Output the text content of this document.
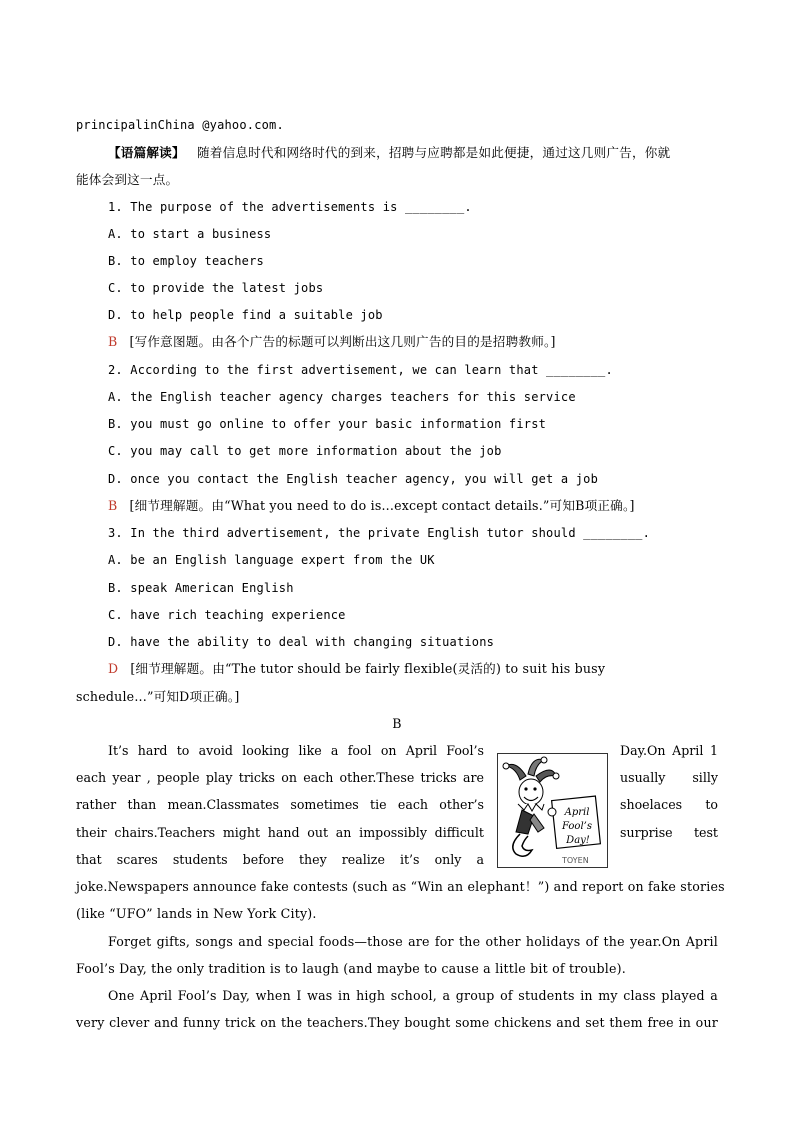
principalinChina @yahoo.com.
【语篇解读】 随着信息时代和网络时代的到来，招聘与应聘都是如此便捷，通过这几则广告，你就
能体会到这一点。
1. The purpose of the advertisements is ________.
A. to start a business
B. to employ teachers
C. to provide the latest jobs
D. to help people find a suitable job
B [写作意图题。由各个广告的标题可以判断出这几则广告的目的是招聘教师。]
2. According to the first advertisement, we can learn that ________.
A. the English teacher agency charges teachers for this service
B. you must go online to offer your basic information first
C. you may call to get more information about the job
D. once you contact the English teacher agency, you will get a job
B [细节理解题。由“What you need to do is...except contact details.”可知B项正确。]
3. In the third advertisement, the private English tutor should ________.
A. be an English language expert from the UK
B. speak American English
C. have rich teaching experience
D. have the ability to deal with changing situations
D [细节理解题。由“The tutor should be fairly flexible(灵活的) to suit his busy
schedule...”可知D项正确。]
B
It’s hard to avoid looking like a fool on April Fool’s
each year , people play tricks on each other.These tricks are
rather than mean.Classmates sometimes tie each other’s
their chairs.Teachers might hand out an impossibly difficult
that scares students before they realize it’s only a
Day.On April 1
usually silly
shoelaces to
surprise test
April
Fool’s
Day!
TOYEN
joke.Newspapers announce fake contests (such as “Win an elephant！”) and report on fake stories
(like “UFO” lands in New York City).
Forget gifts, songs and special foods—those are for the other holidays of the year.On April
Fool’s Day, the only tradition is to laugh (and maybe to cause a little bit of trouble).
One April Fool’s Day, when I was in high school, a group of students in my class played a
very clever and funny trick on the teachers.They bought some chickens and set them free in our
